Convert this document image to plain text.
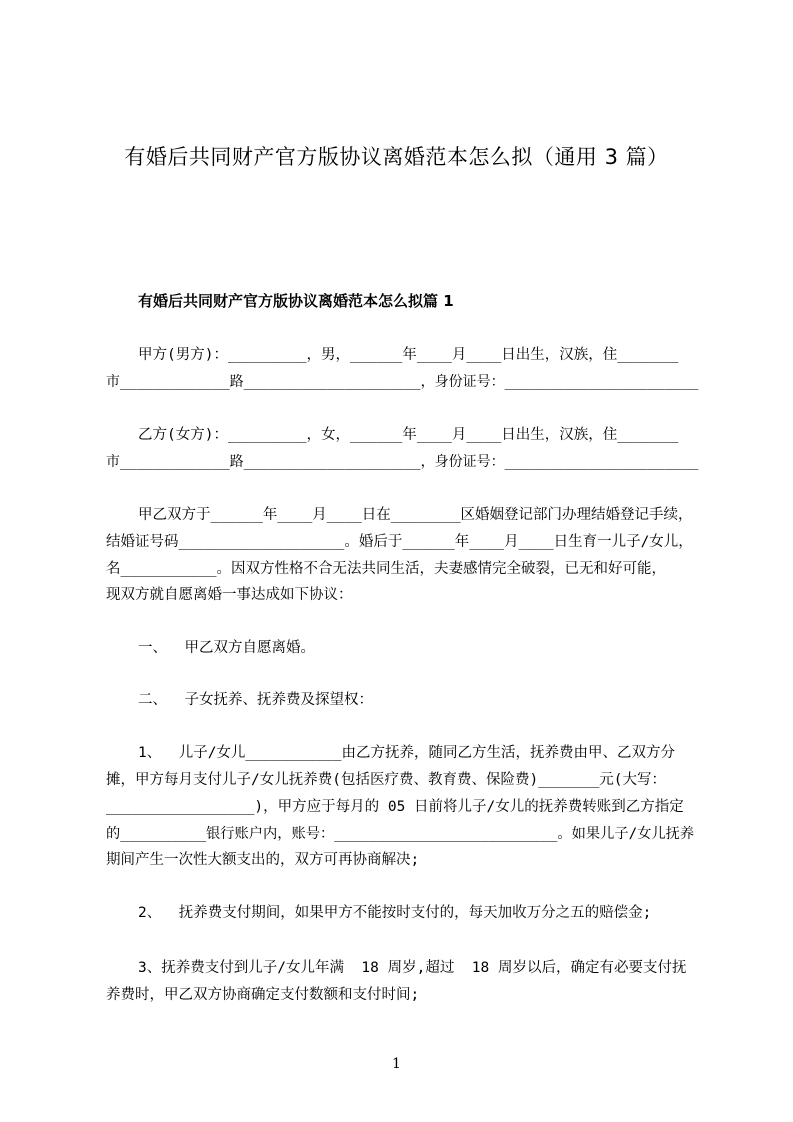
有婚后共同财产官方版协议离婚范本怎么拟（通用 3 篇）
有婚后共同财产官方版协议离婚范本怎么拟篇 1
甲方(男方)：_________，男，______年____月____日出生，汉族，住_______
市_____________路_____________________，身份证号：_______________________
乙方(女方)：_________，女，______年____月____日出生，汉族，住_______
市_____________路_____________________，身份证号：_______________________
甲乙双方于______年____月____日在________区婚姻登记部门办理结婚登记手续，
结婚证号码___________________。婚后于______年____月____日生育一儿子/女儿，
名___________。因双方性格不合无法共同生活，夫妻感情完全破裂，已无和好可能，
现双方就自愿离婚一事达成如下协议：
一、  甲乙双方自愿离婚。
二、  子女抚养、抚养费及探望权：
1、  儿子/女儿___________由乙方抚养，随同乙方生活，抚养费由甲、乙双方分
摊，甲方每月支付儿子/女儿抚养费(包括医疗费、教育费、保险费)_______元(大写：
_________________)，甲方应于每月的 05 日前将儿子/女儿的抚养费转账到乙方指定
的__________银行账户内，账号：__________________________。如果儿子/女儿抚养
期间产生一次性大额支出的，双方可再协商解决;
2、  抚养费支付期间，如果甲方不能按时支付的，每天加收万分之五的赔偿金;
3、抚养费支付到儿子/女儿年满  18 周岁,超过  18 周岁以后，确定有必要支付抚
养费时，甲乙双方协商确定支付数额和支付时间;
1
